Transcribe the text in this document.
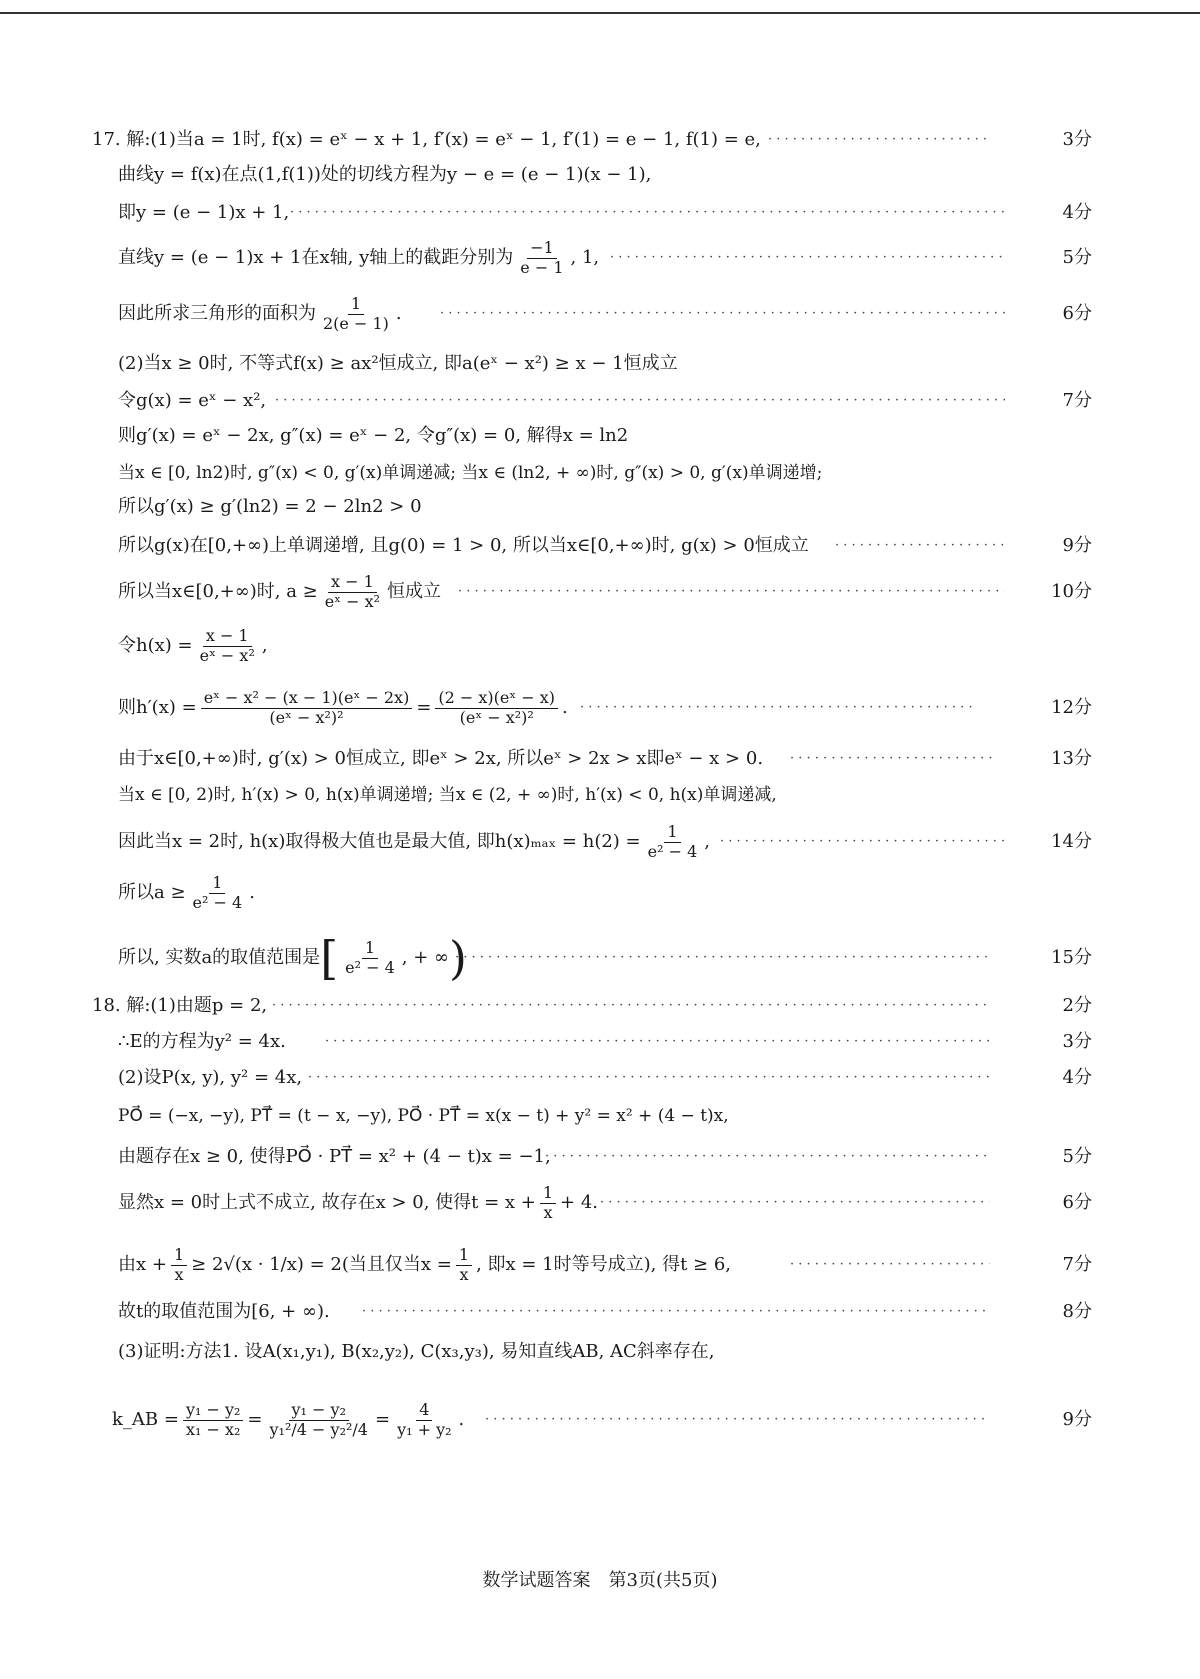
17. 解:(1)当a = 1时, f(x) = eˣ − x + 1, f′(x) = eˣ − 1, f′(1) = e − 1, f(1) = e, · · ·	3分
曲线y = f(x)在点(1,f(1))处的切线方程为y − e = (e − 1)(x − 1),
即y = (e − 1)x + 1, · · ·	4分
直线y = (e − 1)x + 1在x轴, y轴上的截距分别为 $\frac{-1}{e - 1}$ , 1, · · ·	5分
因此所求三角形的面积为 $\frac{1}{2(e - 1)}$ . · · ·	6分
(2)当x ≥ 0时, 不等式f(x) ≥ ax²恒成立, 即a(eˣ − x²) ≥ x − 1恒成立
令g(x) = eˣ − x², · · ·	7分
则g′(x) = eˣ − 2x, g″(x) = eˣ − 2, 令g″(x) = 0, 解得x = ln2
当x ∈ [0, ln2)时, g″(x) < 0, g′(x)单调递减; 当x ∈ (ln2, + ∞)时, g″(x) > 0, g′(x)单调递增;
所以g′(x) ≥ g′(ln2) = 2 − 2ln2 > 0
所以g(x)在[0,+∞)上单调递增, 且g(0) = 1 > 0, 所以当x∈[0,+∞)时, g(x) > 0恒成立 · · ·	9分
所以当x∈[0,+∞)时, $a \ge \frac{x - 1}{\text{eˣ − x²}}$ 恒成立 · · ·	10分
令$h(x) = \frac{x - 1}{\text{eˣ − x²}}$ ,
则$h'(x) = \frac{\text{eˣ − x² − (x − 1)(eˣ − 2x)}}{\text{(eˣ − x²)²}} = \frac{\text{(2 − x)(eˣ − x)}}{\text{(eˣ − x²)²}}$ . · · ·	12分
由于x∈[0,+∞)时, g′(x) > 0恒成立, 即eˣ > 2x, 所以eˣ > 2x > x即eˣ − x > 0. · · ·	13分
当x ∈ [0, 2)时, h′(x) > 0, h(x)单调递增; 当x ∈ (2, + ∞)时, h′(x) < 0, h(x)单调递减,
因此当x = 2时, h(x)取得极大值也是最大值, 即$h(x)_{max} = h(2) = \frac{1}{\text{e² − 4}}$ , · · ·	14分
所以$a \ge \frac{1}{\text{e² − 4}}$ .
所以, 实数a的取值范围是 [ $\frac{1}{\text{e² − 4}}$ , + ∞ ) · · ·	15分
18. 解:(1)由题p = 2, · · ·	2分
∴E的方程为y² = 4x. · · ·	3分
(2)设P(x, y), y² = 4x, · · ·	4分
PO⃗ = (−x, −y), PT⃗ = (t − x, −y), PO⃗ · PT⃗ = x(x − t) + y² = x² + (4 − t)x,
由题存在x ≥ 0, 使得PO⃗ · PT⃗ = x² + (4 − t)x = −1, · · ·	5分
显然x = 0时上式不成立, 故存在x > 0, 使得$t = x + \frac{1}{x} + 4$. · · ·	6分
由$x + \frac{1}{x} \ge 2√(x \cdot 1/x) = 2$(当且仅当$x = \frac{1}{x}$ , 即x = 1时等号成立), 得t ≥ 6, · · ·	7分
故t的取值范围为[6, + ∞). · · ·	8分
(3)证明:方法1. 设A(x₁,y₁), B(x₂,y₂), C(x₃,y₃), 易知直线AB, AC斜率存在,
k_AB = $\frac{\text{y₁ − y₂}}{\text{x₁ − x₂}} = \frac{\text{y₁ − y₂}}{\text{y₁²/4 − y₂²/4}} = \frac{4}{\text{y₁ + y₂}}$ . · · ·	9分
数学试题答案　第3页(共5页)
